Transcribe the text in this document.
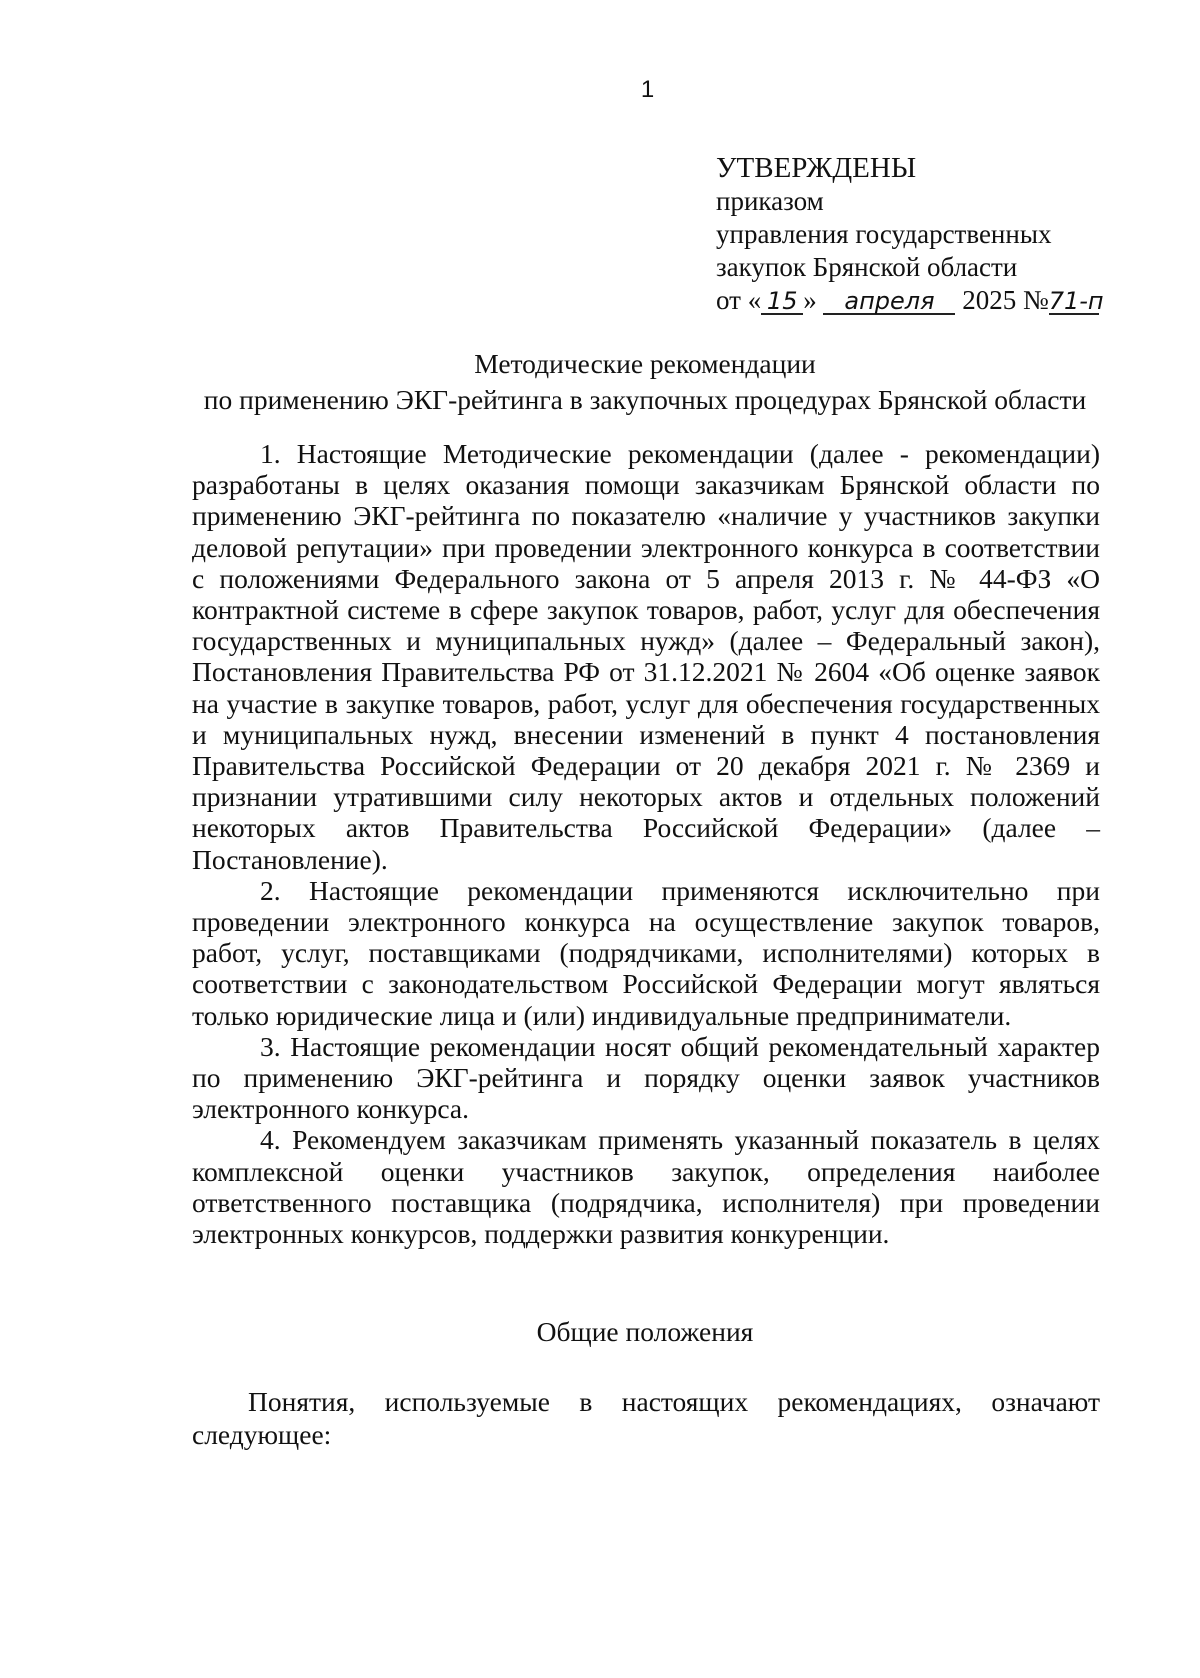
1
УТВЕРЖДЕНЫ
приказом
управления государственных
закупок Брянской области
от « 15 » апреля 2025 №71-п
Методические рекомендации
по применению ЭКГ-рейтинга в закупочных процедурах Брянской области

1. Настоящие Методические рекомендации (далее - рекомендации) разработаны в целях оказания помощи заказчикам Брянской области по применению ЭКГ-рейтинга по показателю «наличие у участников закупки деловой репутации» при проведении электронного конкурса в соответствии с положениями Федерального закона от 5 апреля 2013 г. № 44-ФЗ «О контрактной системе в сфере закупок товаров, работ, услуг для обеспечения государственных и муниципальных нужд» (далее – Федеральный закон), Постановления Правительства РФ от 31.12.2021 № 2604 «Об оценке заявок на участие в закупке товаров, работ, услуг для обеспечения государственных и муниципальных нужд, внесении изменений в пункт 4 постановления Правительства Российской Федерации от 20 декабря 2021 г. № 2369 и признании утратившими силу некоторых актов и отдельных положений некоторых актов Правительства Российской Федерации» (далее – Постановление).

2. Настоящие рекомендации применяются исключительно при проведении электронного конкурса на осуществление закупок товаров, работ, услуг, поставщиками (подрядчиками, исполнителями) которых в соответствии с законодательством Российской Федерации могут являться только юридические лица и (или) индивидуальные предприниматели.

3. Настоящие рекомендации носят общий рекомендательный характер по применению ЭКГ-рейтинга и порядку оценки заявок участников электронного конкурса.

4. Рекомендуем заказчикам применять указанный показатель в целях комплексной оценки участников закупок, определения наиболее ответственного поставщика (подрядчика, исполнителя) при проведении электронных конкурсов, поддержки развития конкуренции.

Общие положения
Понятия, используемые в настоящих рекомендациях, означают следующее:
